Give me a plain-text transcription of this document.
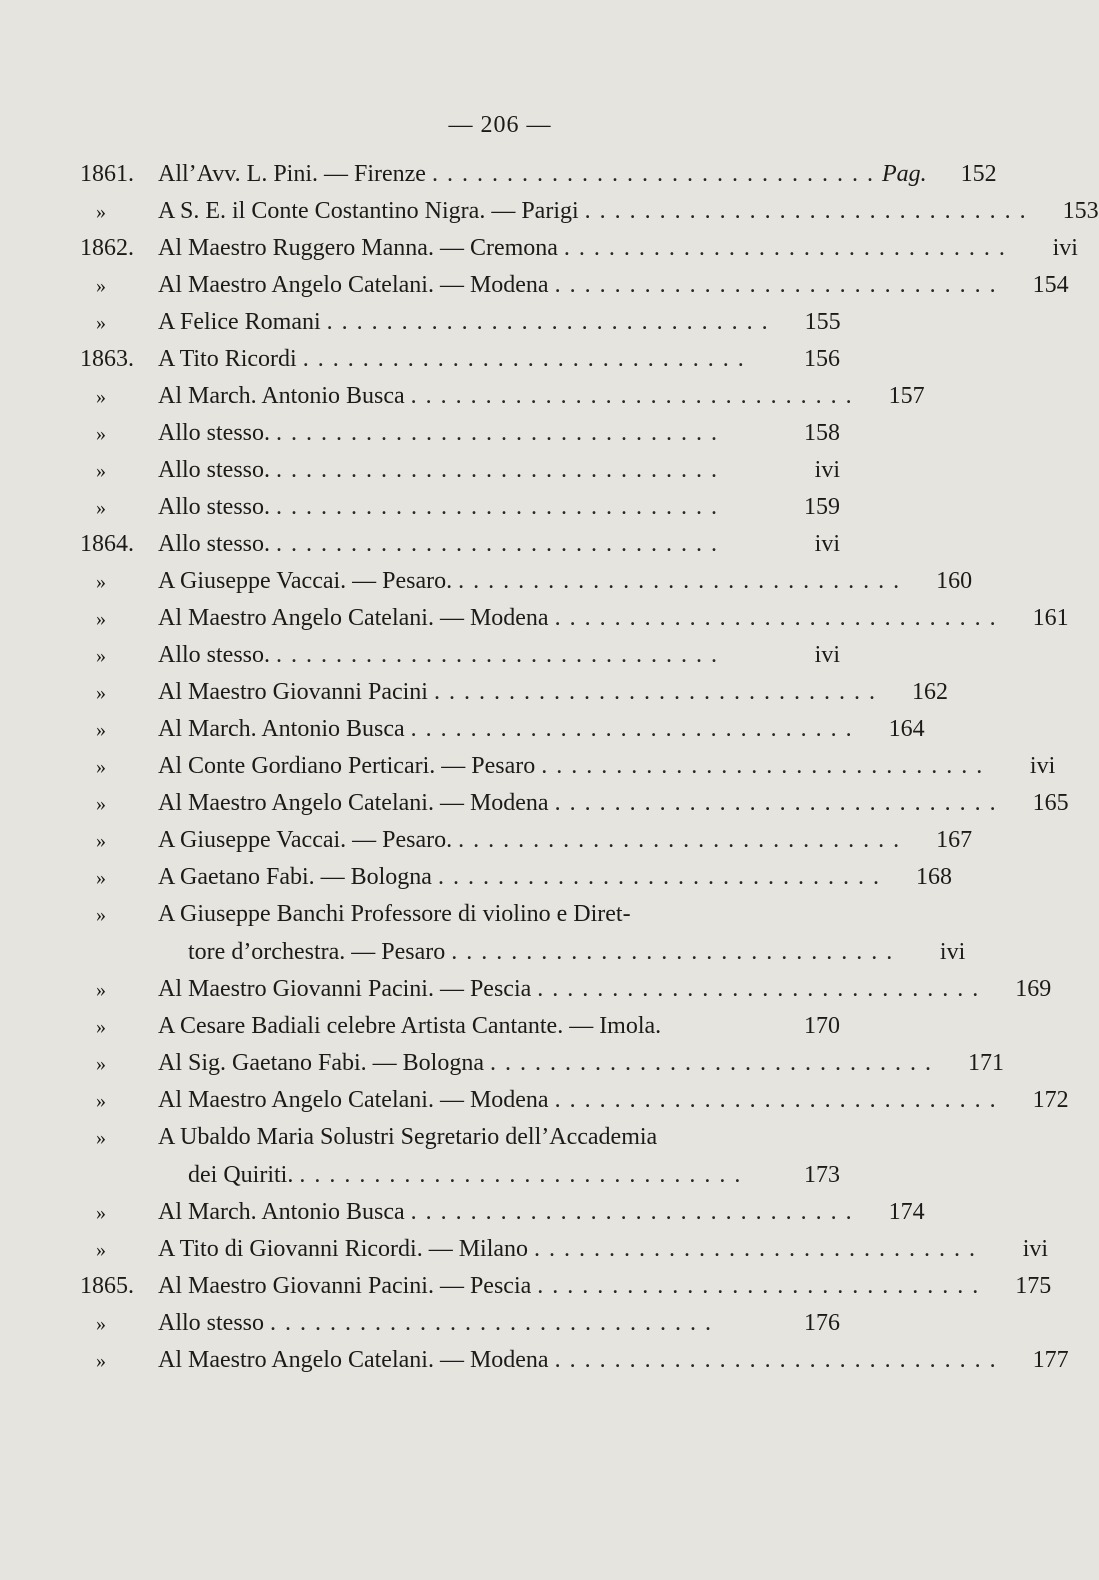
— 206 —
1861.	All’Avv. L. Pini. — Firenze .............................. Pag.	152
»	A S. E. il Conte Costantino Nigra. — Parigi ..............................	153
1862.	Al Maestro Ruggero Manna. — Cremona ..............................	ivi
»	Al Maestro Angelo Catelani. — Modena ..............................	154
»	A Felice Romani ..............................	155
1863.	A Tito Ricordi ..............................	156
»	Al March. Antonio Busca ..............................	157
»	Allo stesso. ..............................	158
»	Allo stesso. ..............................	ivi
»	Allo stesso. ..............................	159
1864.	Allo stesso. ..............................	ivi
»	A Giuseppe Vaccai. — Pesaro. ..............................	160
»	Al Maestro Angelo Catelani. — Modena ..............................	161
»	Allo stesso. ..............................	ivi
»	Al Maestro Giovanni Pacini ..............................	162
»	Al March. Antonio Busca ..............................	164
»	Al Conte Gordiano Perticari. — Pesaro ..............................	ivi
»	Al Maestro Angelo Catelani. — Modena ..............................	165
»	A Giuseppe Vaccai. — Pesaro. ..............................	167
»	A Gaetano Fabi. — Bologna ..............................	168
»	A Giuseppe Banchi Professore di violino e Diret-
tore d’orchestra. — Pesaro ..............................	ivi
»	Al Maestro Giovanni Pacini. — Pescia ..............................	169
»	A Cesare Badiali celebre Artista Cantante. — Imola.	170
»	Al Sig. Gaetano Fabi. — Bologna ..............................	171
»	Al Maestro Angelo Catelani. — Modena ..............................	172
»	A Ubaldo Maria Solustri Segretario dell’Accademia
dei Quiriti. ..............................	173
»	Al March. Antonio Busca ..............................	174
»	A Tito di Giovanni Ricordi. — Milano ..............................	ivi
1865.	Al Maestro Giovanni Pacini. — Pescia ..............................	175
»	Allo stesso ..............................	176
»	Al Maestro Angelo Catelani. — Modena ..............................	177
